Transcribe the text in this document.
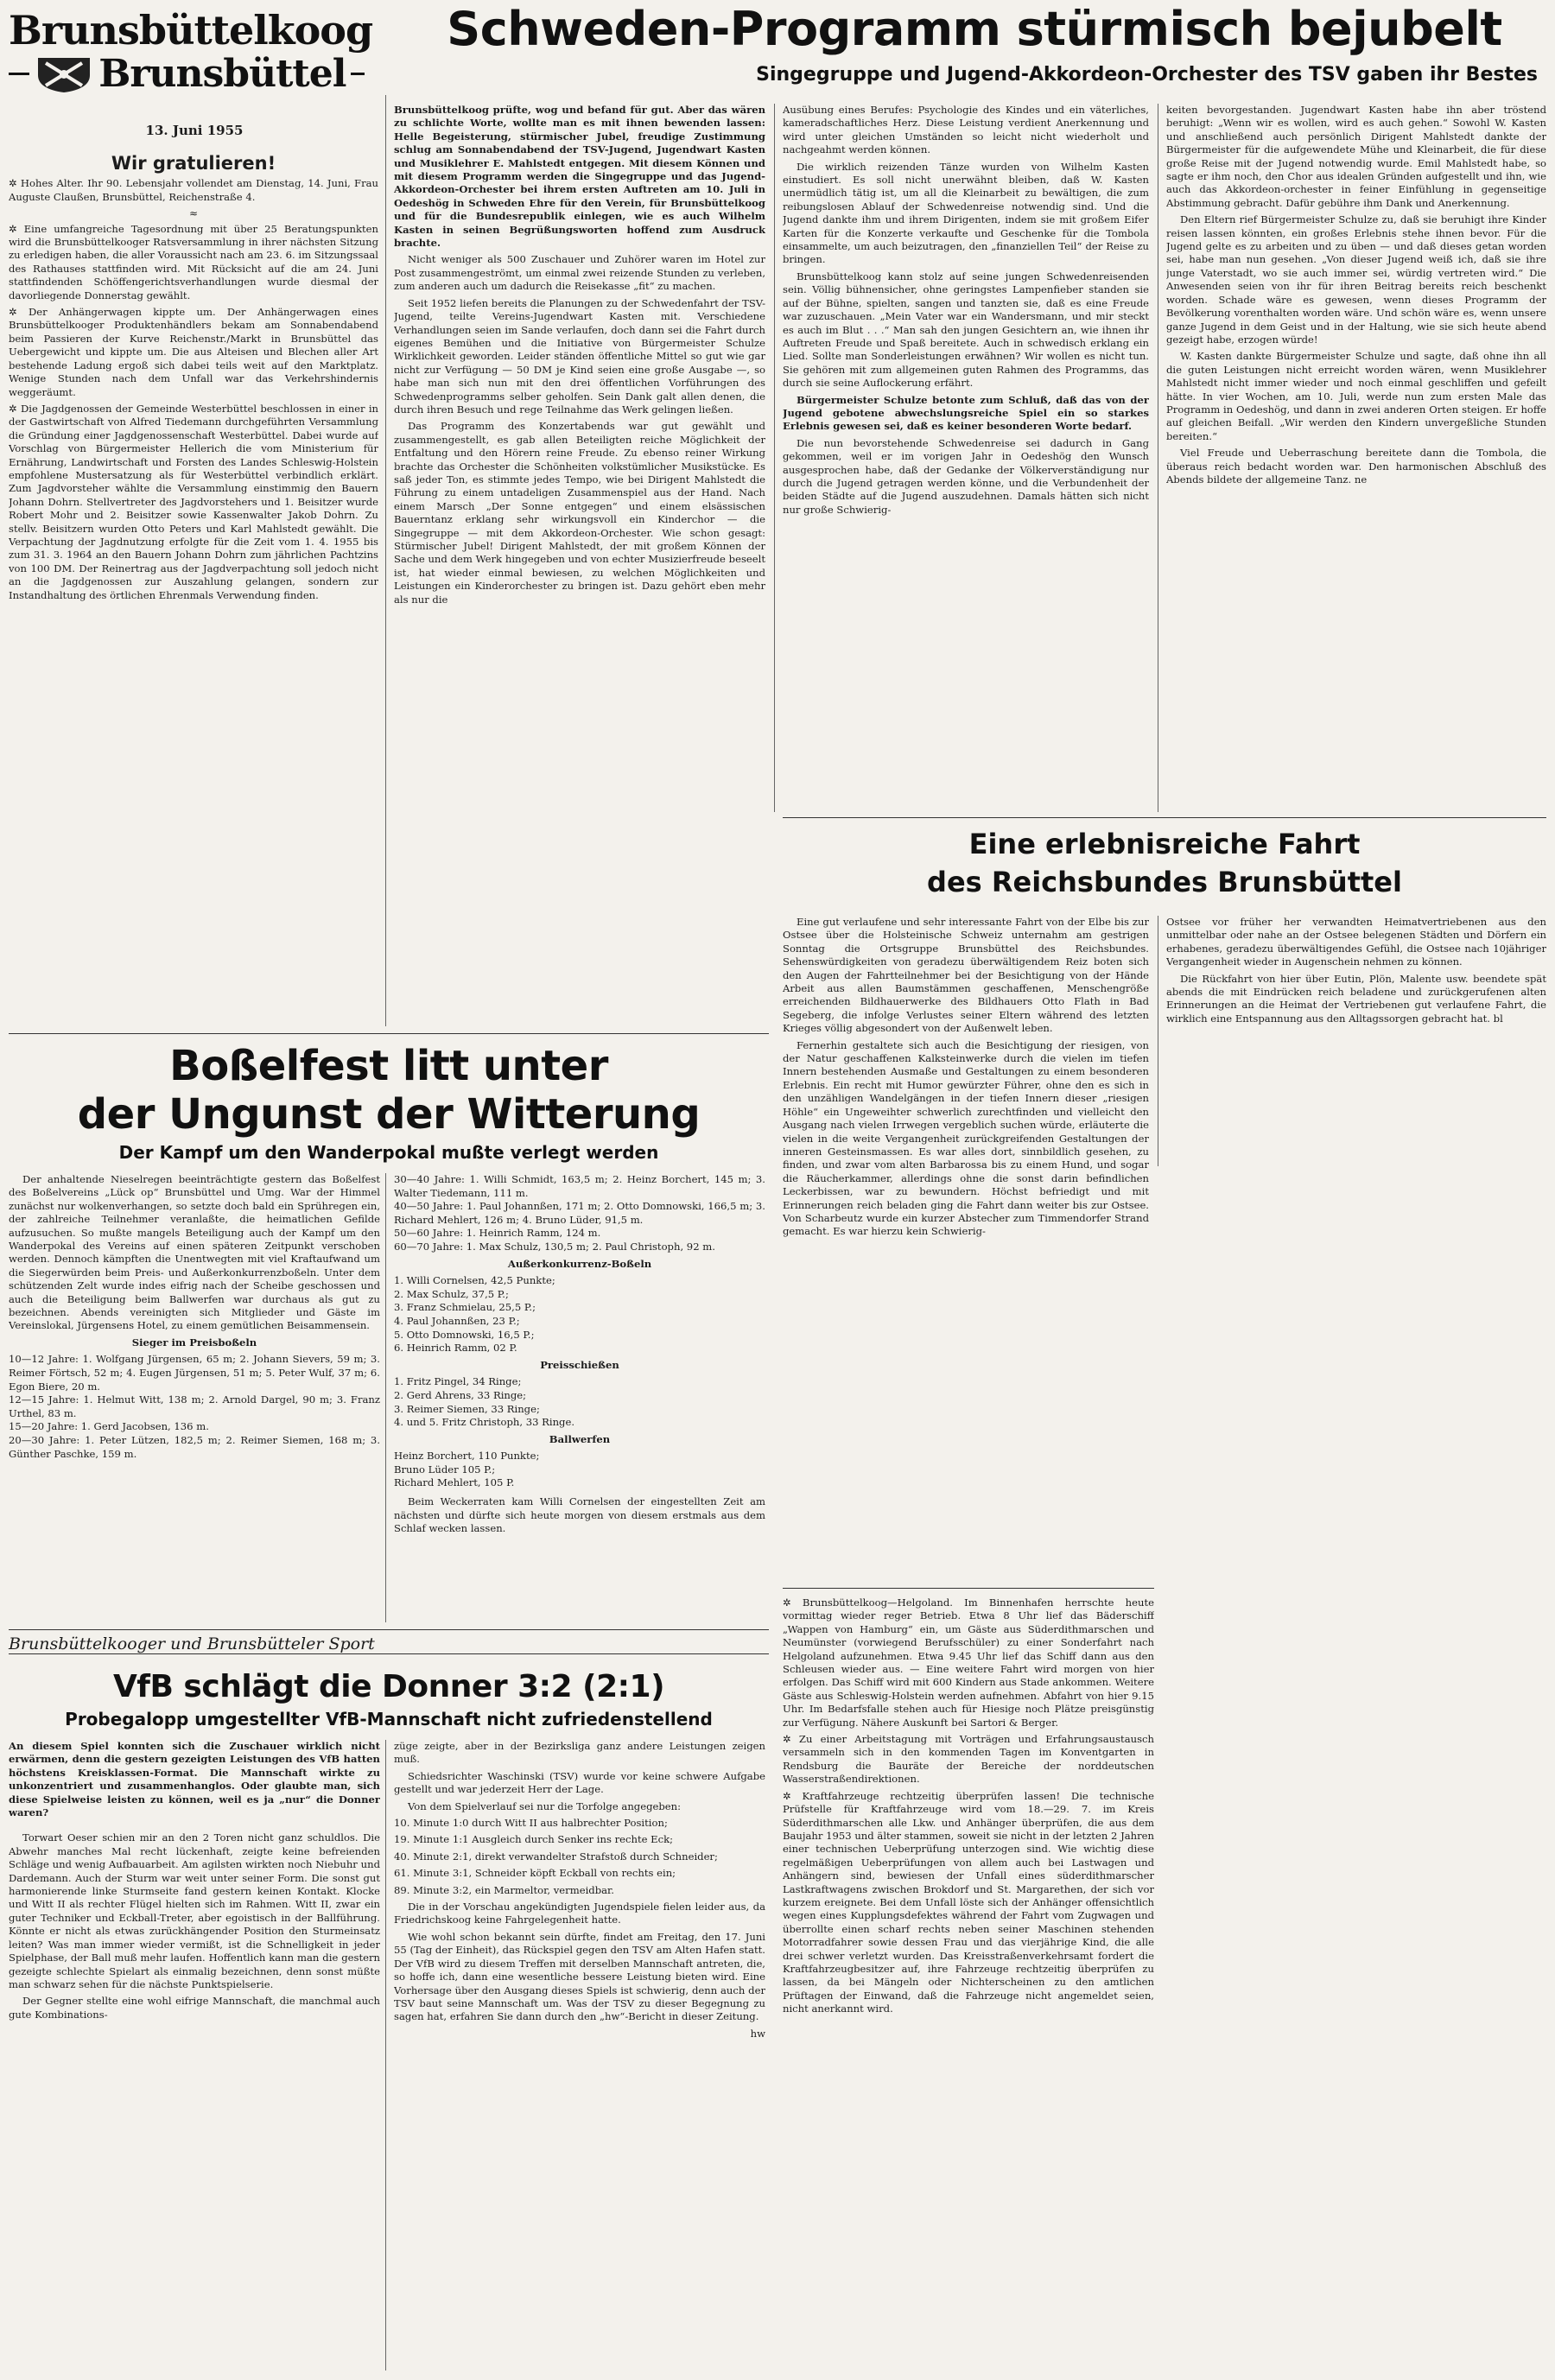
Brunsbüttelkoog
Brunsbüttel
13. Juni 1955
Wir gratulieren!
✲ Hohes Alter. Ihr 90. Lebensjahr vollendet am Dienstag, 14. Juni, Frau Auguste Claußen, Brunsbüttel, Reichenstraße 4.
≈
✲ Eine umfangreiche Tagesordnung mit über 25 Beratungspunkten wird die Brunsbüttelkooger Ratsversammlung in ihrer nächsten Sitzung zu erledigen haben, die aller Voraussicht nach am 23. 6. im Sitzungssaal des Rathauses stattfinden wird. Mit Rücksicht auf die am 24. Juni stattfindenden Schöffengerichtsverhandlungen wurde diesmal der davorliegende Donnerstag gewählt.
✲ Der Anhängerwagen kippte um. Der Anhängerwagen eines Brunsbüttelkooger Produktenhändlers bekam am Sonnabendabend beim Passieren der Kurve Reichenstr./Markt in Brunsbüttel das Uebergewicht und kippte um. Die aus Alteisen und Blechen aller Art bestehende Ladung ergoß sich dabei teils weit auf den Marktplatz. Wenige Stunden nach dem Unfall war das Verkehrshindernis weggeräumt.
✲ Die Jagdgenossen der Gemeinde Westerbüttel beschlossen in einer in der Gastwirtschaft von Alfred Tiedemann durchgeführten Versammlung die Gründung einer Jagdgenossenschaft Westerbüttel. Dabei wurde auf Vorschlag von Bürgermeister Hellerich die vom Ministerium für Ernährung, Landwirtschaft und Forsten des Landes Schleswig-Holstein empfohlene Mustersatzung als für Westerbüttel verbindlich erklärt. Zum Jagdvorsteher wählte die Versammlung einstimmig den Bauern Johann Dohrn. Stellvertreter des Jagdvorstehers und 1. Beisitzer wurde Robert Mohr und 2. Beisitzer sowie Kassenwalter Jakob Dohrn. Zu stellv. Beisitzern wurden Otto Peters und Karl Mahlstedt gewählt. Die Verpachtung der Jagdnutzung erfolgte für die Zeit vom 1. 4. 1955 bis zum 31. 3. 1964 an den Bauern Johann Dohrn zum jährlichen Pachtzins von 100 DM. Der Reinertrag aus der Jagdverpachtung soll jedoch nicht an die Jagdgenossen zur Auszahlung gelangen, sondern zur Instandhaltung des örtlichen Ehrenmals Verwendung finden.
Schweden-Programm stürmisch bejubelt
Singegruppe und Jugend-Akkordeon-Orchester des TSV gaben ihr Bestes
Brunsbüttelkoog prüfte, wog und befand für gut. Aber das wären zu schlichte Worte, wollte man es mit ihnen bewenden lassen: Helle Begeisterung, stürmischer Jubel, freudige Zustimmung schlug am Sonnabendabend der TSV-Jugend, Jugendwart Kasten und Musiklehrer E. Mahlstedt entgegen. Mit diesem Können und mit diesem Programm werden die Singegruppe und das Jugend-Akkordeon-Orchester bei ihrem ersten Auftreten am 10. Juli in Oedeshög in Schweden Ehre für den Verein, für Brunsbüttelkoog und für die Bundesrepublik einlegen, wie es auch Wilhelm Kasten in seinen Begrüßungsworten hoffend zum Ausdruck brachte.
Nicht weniger als 500 Zuschauer und Zuhörer waren im Hotel zur Post zusammengeströmt, um einmal zwei reizende Stunden zu verleben, zum anderen auch um dadurch die Reisekasse „fit“ zu machen.
Seit 1952 liefen bereits die Planungen zu der Schwedenfahrt der TSV-Jugend, teilte Vereins-Jugendwart Kasten mit. Verschiedene Verhandlungen seien im Sande verlaufen, doch dann sei die Fahrt durch eigenes Bemühen und die Initiative von Bürgermeister Schulze Wirklichkeit geworden. Leider ständen öffentliche Mittel so gut wie gar nicht zur Verfügung — 50 DM je Kind seien eine große Ausgabe —, so habe man sich nun mit den drei öffentlichen Vorführungen des Schwedenprogramms selber geholfen. Sein Dank galt allen denen, die durch ihren Besuch und rege Teilnahme das Werk gelingen ließen.
Das Programm des Konzertabends war gut gewählt und zusammengestellt, es gab allen Beteiligten reiche Möglichkeit der Entfaltung und den Hörern reine Freude. Zu ebenso reiner Wirkung brachte das Orchester die Schönheiten volkstümlicher Musikstücke. Es saß jeder Ton, es stimmte jedes Tempo, wie bei Dirigent Mahlstedt die Führung zu einem untadeligen Zusammenspiel aus der Hand. Nach einem Marsch „Der Sonne entgegen“ und einem elsässischen Bauerntanz erklang sehr wirkungsvoll ein Kinderchor — die Singegruppe — mit dem Akkordeon-Orchester. Wie schon gesagt: Stürmischer Jubel! Dirigent Mahlstedt, der mit großem Können der Sache und dem Werk hingegeben und von echter Musizierfreude beseelt ist, hat wieder einmal bewiesen, zu welchen Möglichkeiten und Leistungen ein Kinderorchester zu bringen ist. Dazu gehört eben mehr als nur die
Ausübung eines Berufes: Psychologie des Kindes und ein väterliches, kameradschaftliches Herz. Diese Leistung verdient Anerkennung und wird unter gleichen Umständen so leicht nicht wiederholt und nachgeahmt werden können.
Die wirklich reizenden Tänze wurden von Wilhelm Kasten einstudiert. Es soll nicht unerwähnt bleiben, daß W. Kasten unermüdlich tätig ist, um all die Kleinarbeit zu bewältigen, die zum reibungslosen Ablauf der Schwedenreise notwendig sind. Und die Jugend dankte ihm und ihrem Dirigenten, indem sie mit großem Eifer Karten für die Konzerte verkaufte und Geschenke für die Tombola einsammelte, um auch beizutragen, den „finanziellen Teil“ der Reise zu bringen.
Brunsbüttelkoog kann stolz auf seine jungen Schwedenreisenden sein. Völlig bühnensicher, ohne geringstes Lampenfieber standen sie auf der Bühne, spielten, sangen und tanzten sie, daß es eine Freude war zuzuschauen. „Mein Vater war ein Wandersmann, und mir steckt es auch im Blut . . .“ Man sah den jungen Gesichtern an, wie ihnen ihr Auftreten Freude und Spaß bereitete. Auch in schwedisch erklang ein Lied. Sollte man Sonderleistungen erwähnen? Wir wollen es nicht tun. Sie gehören mit zum allgemeinen guten Rahmen des Programms, das durch sie seine Auflockerung erfährt.
Bürgermeister Schulze betonte zum Schluß, daß das von der Jugend gebotene abwechslungsreiche Spiel ein so starkes Erlebnis gewesen sei, daß es keiner besonderen Worte bedarf.
Die nun bevorstehende Schwedenreise sei dadurch in Gang gekommen, weil er im vorigen Jahr in Oedeshög den Wunsch ausgesprochen habe, daß der Gedanke der Völkerverständigung nur durch die Jugend getragen werden könne, und die Verbundenheit der beiden Städte auf die Jugend auszudehnen. Damals hätten sich nicht nur große Schwierig-
keiten bevorgestanden. Jugendwart Kasten habe ihn aber tröstend beruhigt: „Wenn wir es wollen, wird es auch gehen.“ Sowohl W. Kasten und anschließend auch persönlich Dirigent Mahlstedt dankte der Bürgermeister für die aufgewendete Mühe und Kleinarbeit, die für diese große Reise mit der Jugend notwendig wurde. Emil Mahlstedt habe, so sagte er ihm noch, den Chor aus idealen Gründen aufgestellt und ihn, wie auch das Akkordeon-orchester in feiner Einfühlung in gegenseitige Abstimmung gebracht. Dafür gebühre ihm Dank und Anerkennung.
Den Eltern rief Bürgermeister Schulze zu, daß sie beruhigt ihre Kinder reisen lassen könnten, ein großes Erlebnis stehe ihnen bevor. Für die Jugend gelte es zu arbeiten und zu üben — und daß dieses getan worden sei, habe man nun gesehen. „Von dieser Jugend weiß ich, daß sie ihre junge Vaterstadt, wo sie auch immer sei, würdig vertreten wird.“ Die Anwesenden seien von ihr für ihren Beitrag bereits reich beschenkt worden. Schade wäre es gewesen, wenn dieses Programm der Bevölkerung vorenthalten worden wäre. Und schön wäre es, wenn unsere ganze Jugend in dem Geist und in der Haltung, wie sie sich heute abend gezeigt habe, erzogen würde!
W. Kasten dankte Bürgermeister Schulze und sagte, daß ohne ihn all die guten Leistungen nicht erreicht worden wären, wenn Musiklehrer Mahlstedt nicht immer wieder und noch einmal geschliffen und gefeilt hätte. In vier Wochen, am 10. Juli, werde nun zum ersten Male das Programm in Oedeshög, und dann in zwei anderen Orten steigen. Er hoffe auf gleichen Beifall. „Wir werden den Kindern unvergeßliche Stunden bereiten.“
Viel Freude und Ueberraschung bereitete dann die Tombola, die überaus reich bedacht worden war. Den harmonischen Abschluß des Abends bildete der allgemeine Tanz. ne
Eine erlebnisreiche Fahrt
des Reichsbundes Brunsbüttel
Eine gut verlaufene und sehr interessante Fahrt von der Elbe bis zur Ostsee über die Holsteinische Schweiz unternahm am gestrigen Sonntag die Ortsgruppe Brunsbüttel des Reichsbundes. Sehenswürdigkeiten von geradezu überwältigendem Reiz boten sich den Augen der Fahrtteilnehmer bei der Besichtigung von der Hände Arbeit aus allen Baumstämmen geschaffenen, Menschengröße erreichenden Bildhauerwerke des Bildhauers Otto Flath in Bad Segeberg, die infolge Verlustes seiner Eltern während des letzten Krieges völlig abgesondert von der Außenwelt leben.
Fernerhin gestaltete sich auch die Besichtigung der riesigen, von der Natur geschaffenen Kalksteinwerke durch die vielen im tiefen Innern bestehenden Ausmaße und Gestaltungen zu einem besonderen Erlebnis. Ein recht mit Humor gewürzter Führer, ohne den es sich in den unzähligen Wandelgängen in der tiefen Innern dieser „riesigen Höhle“ ein Ungeweihter schwerlich zurechtfinden und vielleicht den Ausgang nach vielen Irrwegen vergeblich suchen würde, erläuterte die vielen in die weite Vergangenheit zurückgreifenden Gestaltungen der inneren Gesteinsmassen. Es war alles dort, sinnbildlich gesehen, zu finden, und zwar vom alten Barbarossa bis zu einem Hund, und sogar die Räucherkammer, allerdings ohne die sonst darin befindlichen Leckerbissen, war zu bewundern. Höchst befriedigt und mit Erinnerungen reich beladen ging die Fahrt dann weiter bis zur Ostsee. Von Scharbeutz wurde ein kurzer Abstecher zum Timmendorfer Strand gemacht. Es war hierzu kein Schwierig-
Ostsee vor früher her verwandten Heimatvertriebenen aus den unmittelbar oder nahe an der Ostsee belegenen Städten und Dörfern ein erhabenes, geradezu überwältigendes Gefühl, die Ostsee nach 10jähriger Vergangenheit wieder in Augenschein nehmen zu können.
Die Rückfahrt von hier über Eutin, Plön, Malente usw. beendete spät abends die mit Eindrücken reich beladene und zurückgerufenen alten Erinnerungen an die Heimat der Vertriebenen gut verlaufene Fahrt, die wirklich eine Entspannung aus den Alltagssorgen gebracht hat. bl
Boßelfest litt unter
der Ungunst der Witterung
Der Kampf um den Wanderpokal mußte verlegt werden
Der anhaltende Nieselregen beeinträchtigte gestern das Boßelfest des Boßelvereins „Lück op“ Brunsbüttel und Umg. War der Himmel zunächst nur wolkenverhangen, so setzte doch bald ein Sprühregen ein, der zahlreiche Teilnehmer veranlaßte, die heimatlichen Gefilde aufzusuchen. So mußte mangels Beteiligung auch der Kampf um den Wanderpokal des Vereins auf einen späteren Zeitpunkt verschoben werden. Dennoch kämpften die Unentwegten mit viel Kraftaufwand um die Siegerwürden beim Preis- und Außerkonkurrenzboßeln. Unter dem schützenden Zelt wurde indes eifrig nach der Scheibe geschossen und auch die Beteiligung beim Ballwerfen war durchaus als gut zu bezeichnen. Abends vereinigten sich Mitglieder und Gäste im Vereinslokal, Jürgensens Hotel, zu einem gemütlichen Beisammensein.
Sieger im Preisboßeln
10—12 Jahre: 1. Wolfgang Jürgensen, 65 m; 2. Johann Sievers, 59 m; 3. Reimer Förtsch, 52 m; 4. Eugen Jürgensen, 51 m; 5. Peter Wulf, 37 m; 6. Egon Biere, 20 m.
12—15 Jahre: 1. Helmut Witt, 138 m; 2. Arnold Dargel, 90 m; 3. Franz Urthel, 83 m.
15—20 Jahre: 1. Gerd Jacobsen, 136 m.
20—30 Jahre: 1. Peter Lützen, 182,5 m; 2. Reimer Siemen, 168 m; 3. Günther Paschke, 159 m.
30—40 Jahre: 1. Willi Schmidt, 163,5 m; 2. Heinz Borchert, 145 m; 3. Walter Tiedemann, 111 m.
40—50 Jahre: 1. Paul Johannßen, 171 m; 2. Otto Domnowski, 166,5 m; 3. Richard Mehlert, 126 m; 4. Bruno Lüder, 91,5 m.
50—60 Jahre: 1. Heinrich Ramm, 124 m.
60—70 Jahre: 1. Max Schulz, 130,5 m; 2. Paul Christoph, 92 m.
Außerkonkurrenz-Boßeln
1. Willi Cornelsen, 42,5 Punkte;
2. Max Schulz, 37,5 P.;
3. Franz Schmielau, 25,5 P.;
4. Paul Johannßen, 23 P.;
5. Otto Domnowski, 16,5 P.;
6. Heinrich Ramm, 02 P.
Preisschießen
1. Fritz Pingel, 34 Ringe;
2. Gerd Ahrens, 33 Ringe;
3. Reimer Siemen, 33 Ringe;
4. und 5. Fritz Christoph, 33 Ringe.
Ballwerfen
Heinz Borchert, 110 Punkte;
Bruno Lüder 105 P.;
Richard Mehlert, 105 P.
Beim Weckerraten kam Willi Cornelsen der eingestellten Zeit am nächsten und dürfte sich heute morgen von diesem erstmals aus dem Schlaf wecken lassen.
✲ Brunsbüttelkoog—Helgoland. Im Binnenhafen herrschte heute vormittag wieder reger Betrieb. Etwa 8 Uhr lief das Bäderschiff „Wappen von Hamburg“ ein, um Gäste aus Süderdithmarschen und Neumünster (vorwiegend Berufsschüler) zu einer Sonderfahrt nach Helgoland aufzunehmen. Etwa 9.45 Uhr lief das Schiff dann aus den Schleusen wieder aus. — Eine weitere Fahrt wird morgen von hier erfolgen. Das Schiff wird mit 600 Kindern aus Stade ankommen. Weitere Gäste aus Schleswig-Holstein werden aufnehmen. Abfahrt von hier 9.15 Uhr. Im Bedarfsfalle stehen auch für Hiesige noch Plätze preisgünstig zur Verfügung. Nähere Auskunft bei Sartori & Berger.
✲ Zu einer Arbeitstagung mit Vorträgen und Erfahrungsaustausch versammeln sich in den kommenden Tagen im Konventgarten in Rendsburg die Bauräte der Bereiche der norddeutschen Wasserstraßendirektionen.
✲ Kraftfahrzeuge rechtzeitig überprüfen lassen! Die technische Prüfstelle für Kraftfahrzeuge wird vom 18.—29. 7. im Kreis Süderdithmarschen alle Lkw. und Anhänger überprüfen, die aus dem Baujahr 1953 und älter stammen, soweit sie nicht in der letzten 2 Jahren einer technischen Ueberprüfung unterzogen sind. Wie wichtig diese regelmäßigen Ueberprüfungen von allem auch bei Lastwagen und Anhängern sind, bewiesen der Unfall eines süderdithmarscher Lastkraftwagens zwischen Brokdorf und St. Margarethen, der sich vor kurzem ereignete. Bei dem Unfall löste sich der Anhänger offensichtlich wegen eines Kupplungsdefektes während der Fahrt vom Zugwagen und überrollte einen scharf rechts neben seiner Maschinen stehenden Motorradfahrer sowie dessen Frau und das vierjährige Kind, die alle drei schwer verletzt wurden. Das Kreisstraßenverkehrsamt fordert die Kraftfahrzeugbesitzer auf, ihre Fahrzeuge rechtzeitig überprüfen zu lassen, da bei Mängeln oder Nichterscheinen zu den amtlichen Prüftagen der Einwand, daß die Fahrzeuge nicht angemeldet seien, nicht anerkannt wird.
Brunsbüttelkooger und Brunsbütteler Sport
VfB schlägt die Donner 3:2 (2:1)
Probegalopp umgestellter VfB-Mannschaft nicht zufriedenstellend
An diesem Spiel konnten sich die Zuschauer wirklich nicht erwärmen, denn die gestern gezeigten Leistungen des VfB hatten höchstens Kreisklassen-Format. Die Mannschaft wirkte zu unkonzentriert und zusammenhanglos. Oder glaubte man, sich diese Spielweise leisten zu können, weil es ja „nur“ die Donner waren?
Torwart Oeser schien mir an den 2 Toren nicht ganz schuldlos. Die Abwehr manches Mal recht lückenhaft, zeigte keine befreienden Schläge und wenig Aufbauarbeit. Am agilsten wirkten noch Niebuhr und Dardemann. Auch der Sturm war weit unter seiner Form. Die sonst gut harmonierende linke Sturmseite fand gestern keinen Kontakt. Klocke und Witt II als rechter Flügel hielten sich im Rahmen. Witt II, zwar ein guter Techniker und Eckball-Treter, aber egoistisch in der Ballführung. Könnte er nicht als etwas zurückhängender Position den Sturmeinsatz leiten? Was man immer wieder vermißt, ist die Schnelligkeit in jeder Spielphase, der Ball muß mehr laufen. Hoffentlich kann man die gestern gezeigte schlechte Spielart als einmalig bezeichnen, denn sonst müßte man schwarz sehen für die nächste Punktspielserie.
Der Gegner stellte eine wohl eifrige Mannschaft, die manchmal auch gute Kombinations-
züge zeigte, aber in der Bezirksliga ganz andere Leistungen zeigen muß.
Schiedsrichter Waschinski (TSV) wurde vor keine schwere Aufgabe gestellt und war jederzeit Herr der Lage.
Von dem Spielverlauf sei nur die Torfolge angegeben:
10. Minute 1:0 durch Witt II aus halbrechter Position;
19. Minute 1:1 Ausgleich durch Senker ins rechte Eck;
40. Minute 2:1, direkt verwandelter Strafstoß durch Schneider;
61. Minute 3:1, Schneider köpft Eckball von rechts ein;
89. Minute 3:2, ein Marmeltor, vermeidbar.
Die in der Vorschau angekündigten Jugendspiele fielen leider aus, da Friedrichskoog keine Fahrgelegenheit hatte.
Wie wohl schon bekannt sein dürfte, findet am Freitag, den 17. Juni 55 (Tag der Einheit), das Rückspiel gegen den TSV am Alten Hafen statt. Der VfB wird zu diesem Treffen mit derselben Mannschaft antreten, die, so hoffe ich, dann eine wesentliche bessere Leistung bieten wird. Eine Vorhersage über den Ausgang dieses Spiels ist schwierig, denn auch der TSV baut seine Mannschaft um. Was der TSV zu dieser Begegnung zu sagen hat, erfahren Sie dann durch den „hw“-Bericht in dieser Zeitung.
hw
